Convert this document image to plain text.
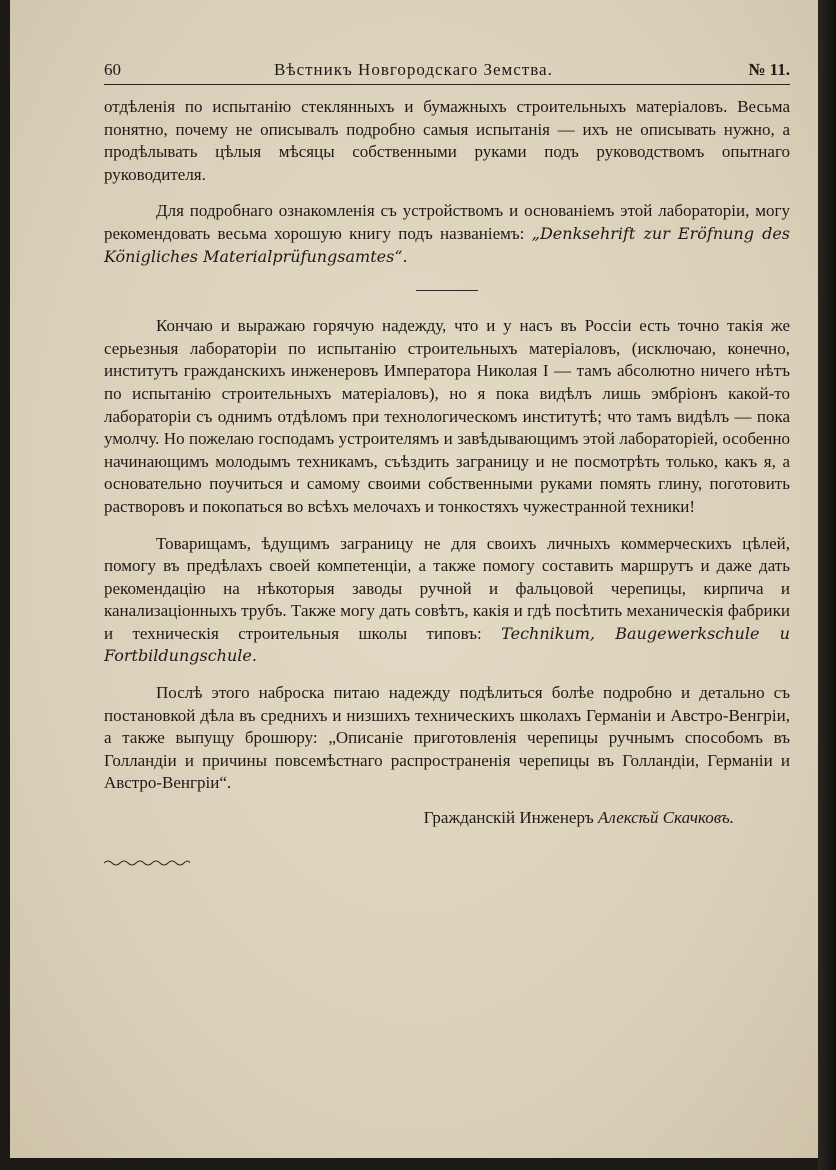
60	Вѣстникъ Новгородскаго Земства.	№ 11.

отдѣленія по испытанію стеклянныхъ и бумажныхъ строительныхъ матеріаловъ. Весьма понятно, почему не описывалъ подробно самыя испытанія — ихъ не описывать нужно, а продѣлывать цѣлыя мѣсяцы собственными руками подъ руководствомъ опытнаго руководителя.

Для подробнаго ознакомленія съ устройствомъ и основаніемъ этой лабораторіи, могу рекомендовать весьма хорошую книгу подъ названіемъ: „Denksehrift zur Eröfnung des Königliches Materialprüfungsamtes“.

Кончаю и выражаю горячую надежду, что и у насъ въ Россіи есть точно такія же серьезныя лабораторіи по испытанію строительныхъ матеріаловъ, (исключаю, конечно, институтъ гражданскихъ инженеровъ Императора Николая I — тамъ абсолютно ничего нѣтъ по испытанію строительныхъ матеріаловъ), но я пока видѣлъ лишь эмбріонъ какой-то лабораторіи съ однимъ отдѣломъ при технологическомъ институтѣ; что тамъ видѣлъ — пока умолчу. Но пожелаю господамъ устроителямъ и завѣдывающимъ этой лабораторіей, особенно начинающимъ молодымъ техникамъ, съѣздить заграницу и не посмотрѣть только, какъ я, а основательно поучиться и самому своими собственными руками помять глину, поготовить растворовъ и покопаться во всѣхъ мелочахъ и тонкостяхъ чужестранной техники!

Товарищамъ, ѣдущимъ заграницу не для своихъ личныхъ коммерческихъ цѣлей, помогу въ предѣлахъ своей компетенціи, а также помогу составить маршрутъ и даже дать рекомендацію на нѣкоторыя заводы ручной и фальцовой черепицы, кирпича и канализаціонныхъ трубъ. Также могу дать совѣтъ, какія и гдѣ посѣтить механическія фабрики и техническія строительныя школы типовъ: Technikum, Baugewerkschule и Fortbildungschule.

Послѣ этого наброска питаю надежду подѣлиться болѣе подробно и детально съ постановкой дѣла въ среднихъ и низшихъ техническихъ школахъ Германіи и Австро-Венгріи, а также выпущу брошюру: „Описаніе приготовленія черепицы ручнымъ способомъ въ Голландіи и причины повсемѣстнаго распространенія черепицы въ Голландіи, Германіи и Австро-Венгріи“.

Гражданскій Инженеръ Алексѣй Скачковъ.
